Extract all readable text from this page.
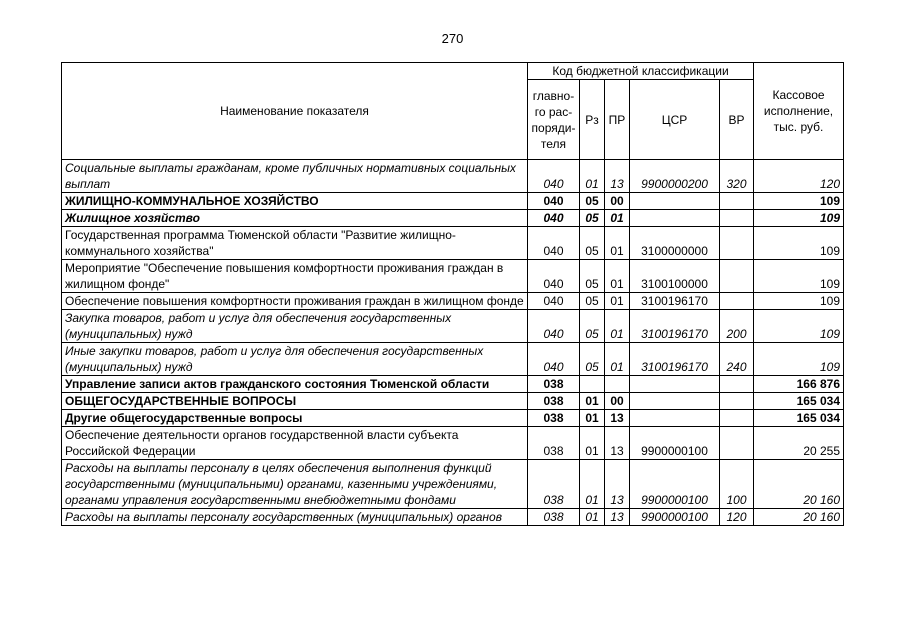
270
Наименование показателя	Код бюджетной классификации					Кассовое исполнение, тыс. руб.
	главно-го рас-поряди-теля	Рз	ПР	ЦСР	ВР	
Социальные выплаты гражданам, кроме публичных нормативных социальных выплат	040	01	13	9900000200	320	120
ЖИЛИЩНО-КОММУНАЛЬНОЕ ХОЗЯЙСТВО	040	05	00			109
Жилищное хозяйство	040	05	01			109
Государственная программа Тюменской области "Развитие жилищно-коммунального хозяйства"	040	05	01	3100000000		109
Мероприятие "Обеспечение повышения комфортности проживания граждан в жилищном фонде"	040	05	01	3100100000		109
Обеспечение повышения комфортности проживания граждан в жилищном фонде	040	05	01	3100196170		109
Закупка товаров, работ и услуг для обеспечения государственных (муниципальных) нужд	040	05	01	3100196170	200	109
Иные закупки товаров, работ и услуг для обеспечения государственных (муниципальных) нужд	040	05	01	3100196170	240	109
Управление записи актов гражданского состояния Тюменской области	038					166 876
ОБЩЕГОСУДАРСТВЕННЫЕ ВОПРОСЫ	038	01	00			165 034
Другие общегосударственные вопросы	038	01	13			165 034
Обеспечение деятельности органов государственной власти субъекта Российской Федерации	038	01	13	9900000100		20 255
Расходы на выплаты персоналу в целях обеспечения выполнения функций государственными (муниципальными) органами, казенными учреждениями, органами управления государственными внебюджетными фондами	038	01	13	9900000100	100	20 160
Расходы на выплаты персоналу государственных (муниципальных) органов	038	01	13	9900000100	120	20 160
